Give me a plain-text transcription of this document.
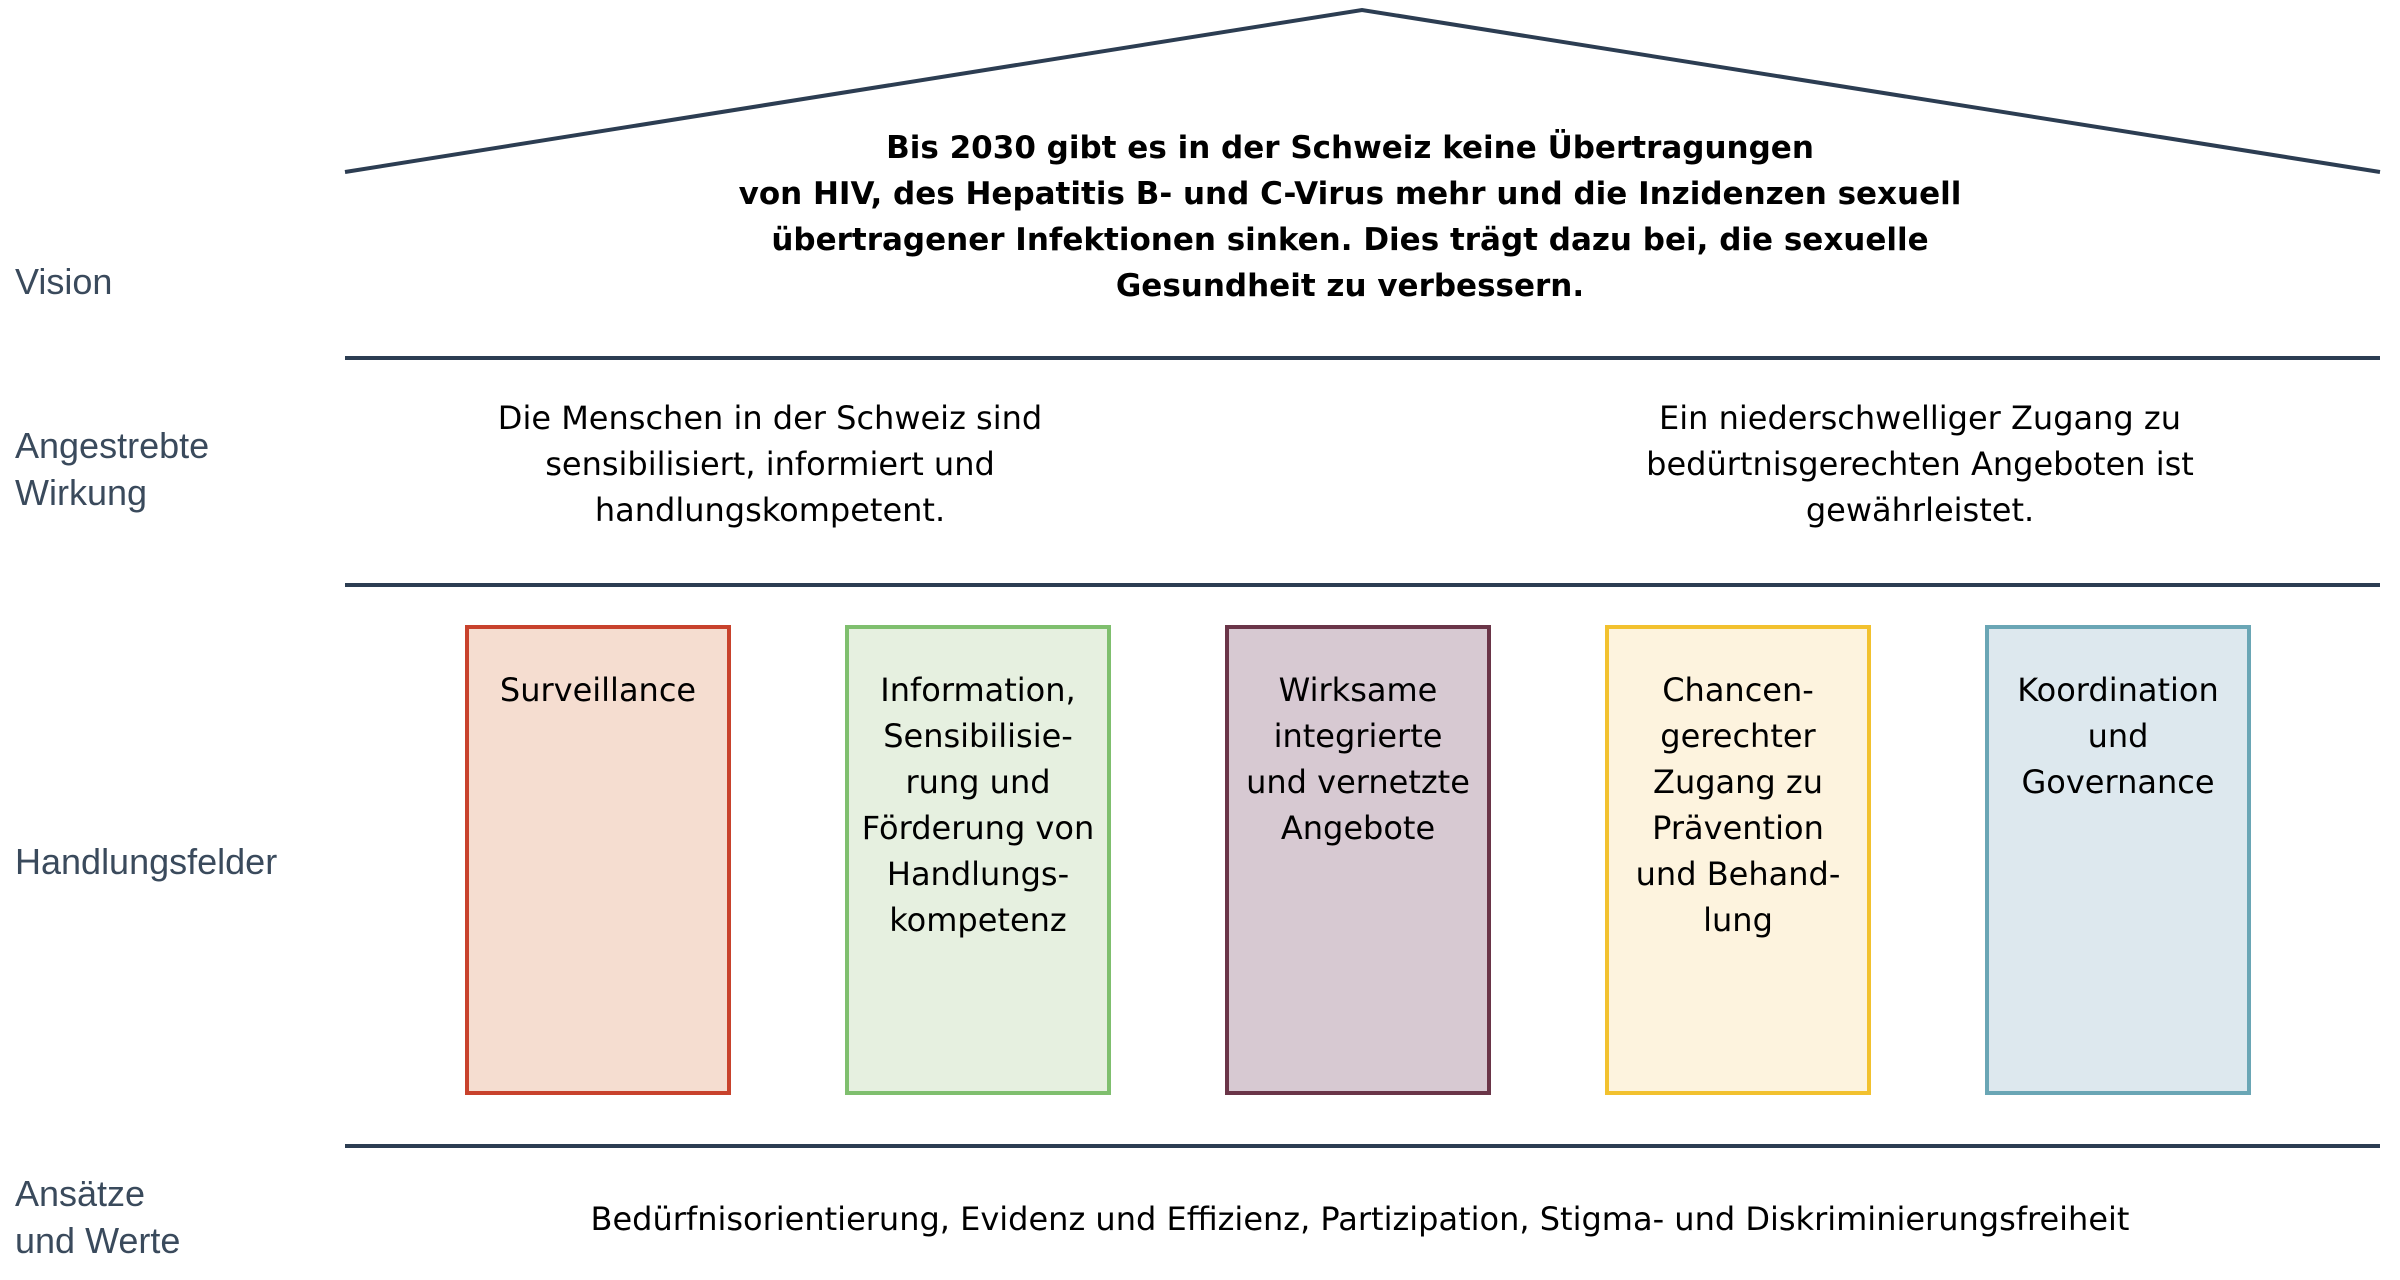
Vision
Angestrebte
Wirkung
Handlungsfelder
Ansätze
und Werte
Bis 2030 gibt es in der Schweiz keine Übertragungen
von HIV, des Hepatitis B- und C-Virus mehr und die Inzidenzen sexuell
übertragener Infektionen sinken. Dies trägt dazu bei, die sexuelle
Gesundheit zu verbessern.
Die Menschen in der Schweiz sind
sensibilisiert, informiert und
handlungskompetent.
Ein niederschwelliger Zugang zu
bedürtnisgerechten Angeboten ist
gewährleistet.
Surveillance	Information,
Sensibilisie-
rung und
Förderung von
Handlungs-
kompetenz
Wirksame
integrierte
und vernetzte
Angebote
Chancen-
gerechter
Zugang zu
Prävention
und Behand-
lung
Koordination
und
Governance
Bedürfnisorientierung, Evidenz und Effizienz, Partizipation, Stigma- und Diskriminierungsfreiheit
